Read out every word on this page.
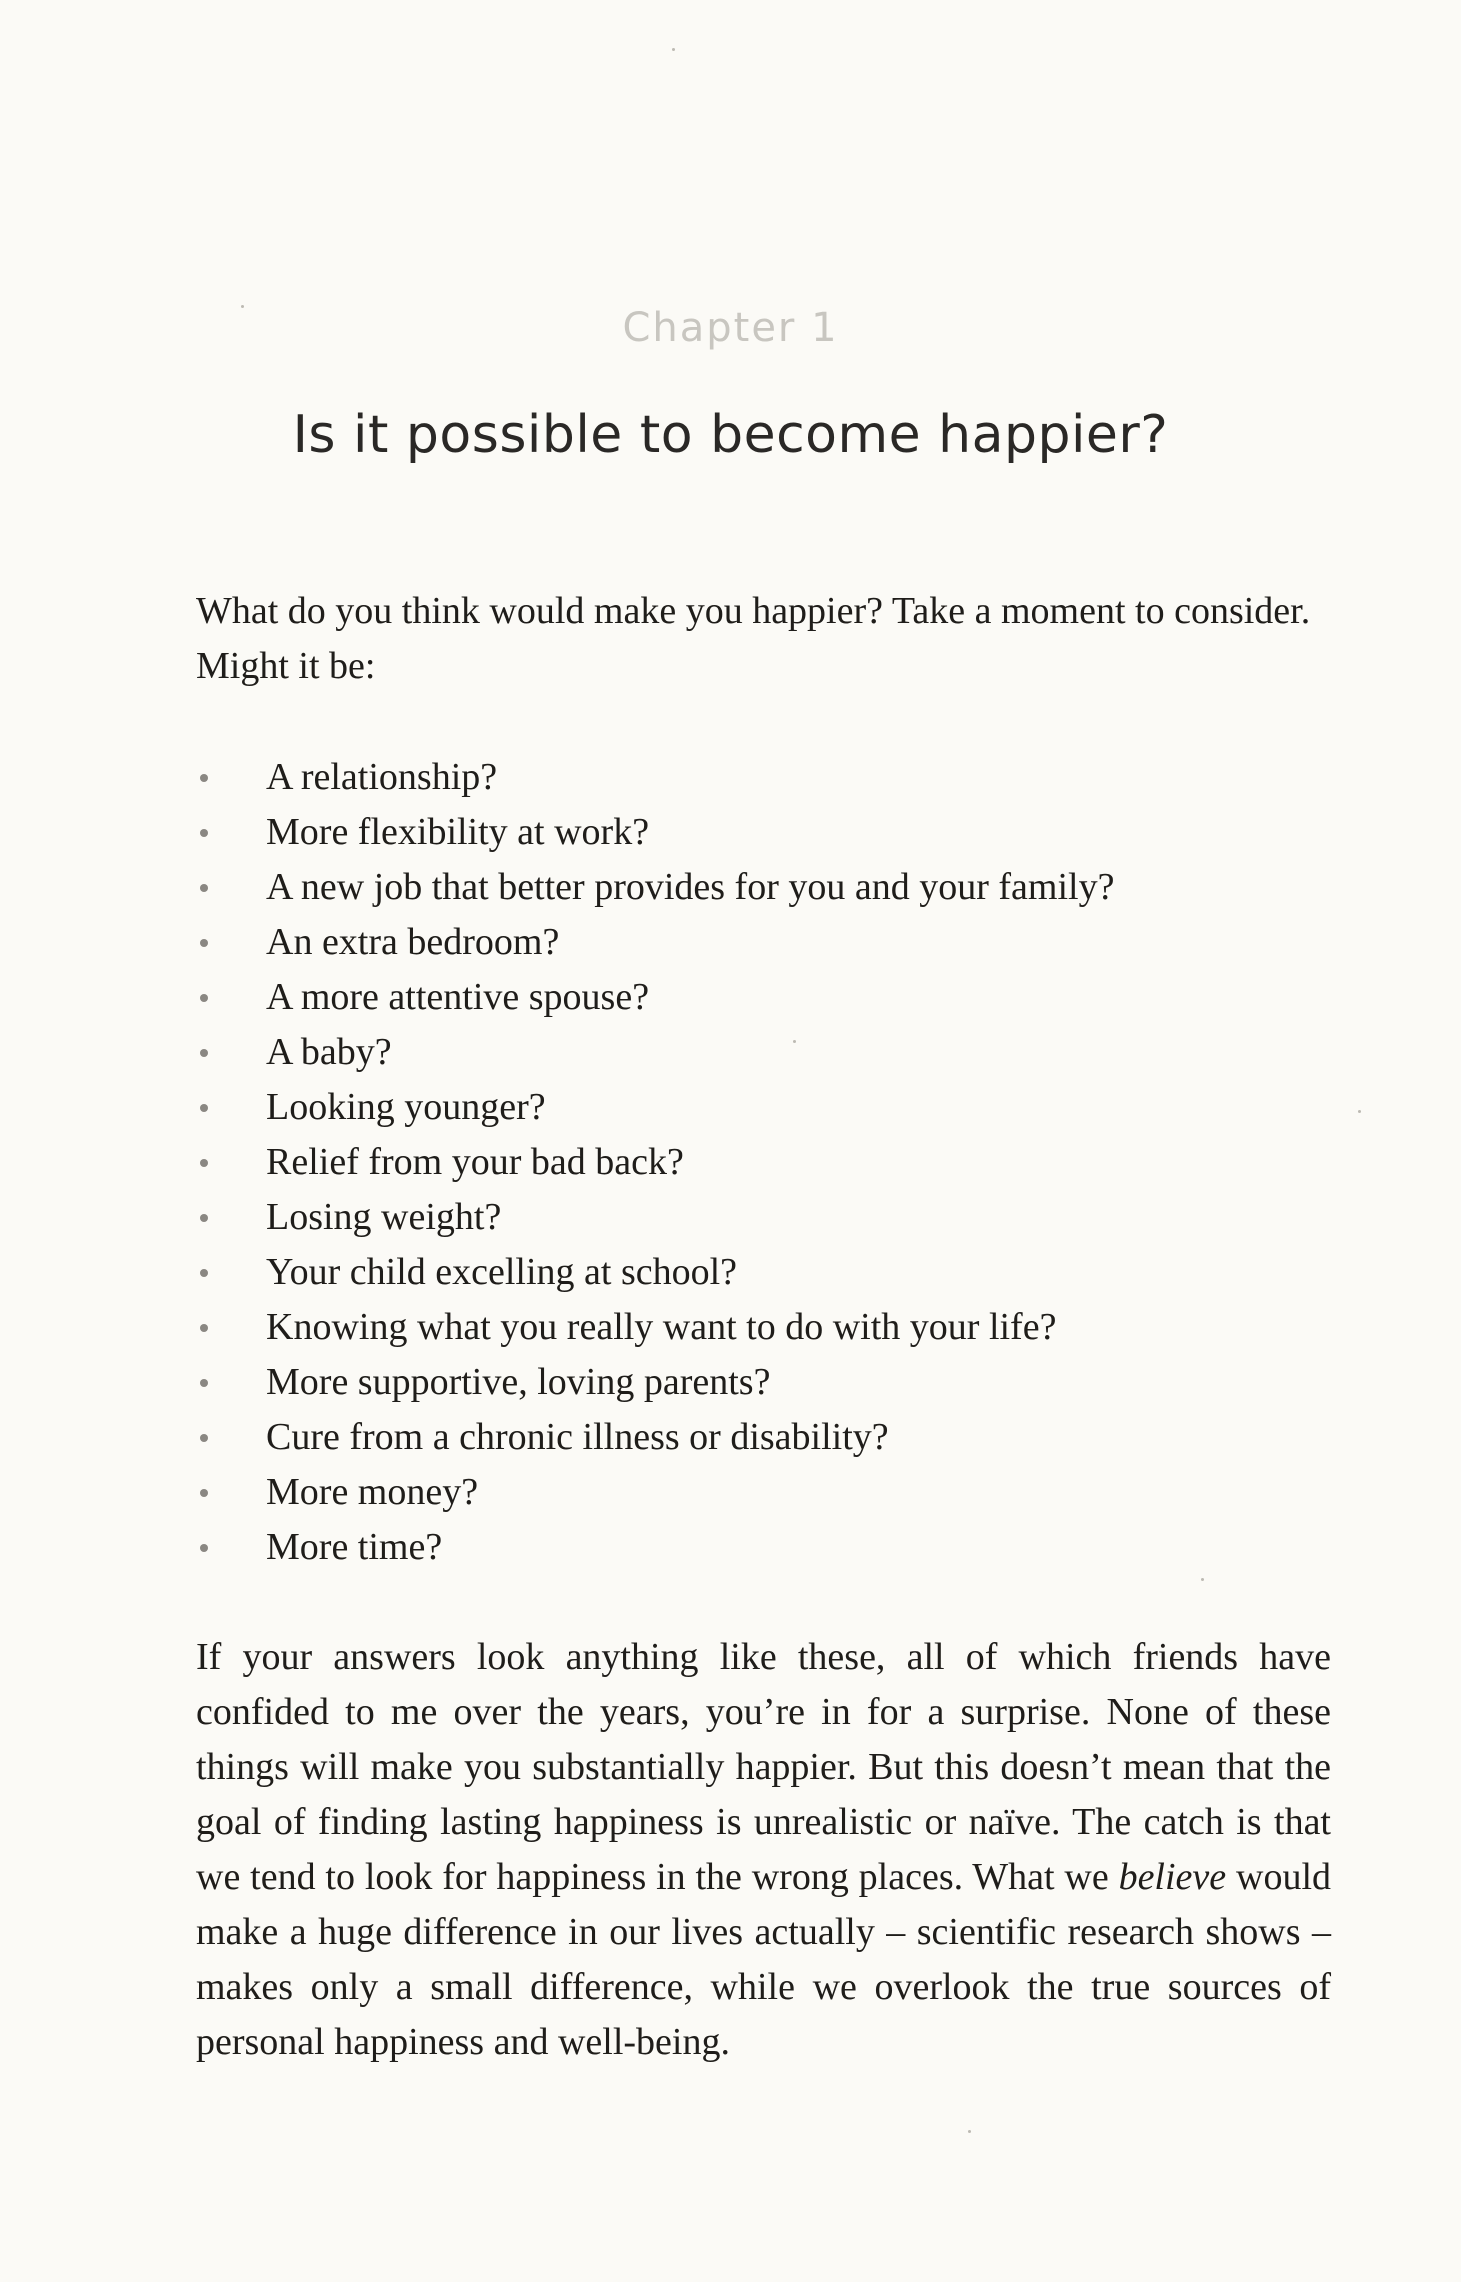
Chapter 1
Is it possible to become happier?

What do you think would make you happier? Take a moment to consider. Might it be:

A relationship?
More flexibility at work?
A new job that better provides for you and your family?
An extra bedroom?
A more attentive spouse?
A baby?
Looking younger?
Relief from your bad back?
Losing weight?
Your child excelling at school?
Knowing what you really want to do with your life?
More supportive, loving parents?
Cure from a chronic illness or disability?
More money?
More time?

If your answers look anything like these, all of which friends have confided to me over the years, you’re in for a surprise. None of these things will make you substantially happier. But this doesn’t mean that the goal of finding lasting happiness is unrealistic or naïve. The catch is that we tend to look for happiness in the wrong places. What we believe would make a huge difference in our lives actually – scientific research shows – makes only a small difference, while we overlook the true sources of personal happiness and well-being.
